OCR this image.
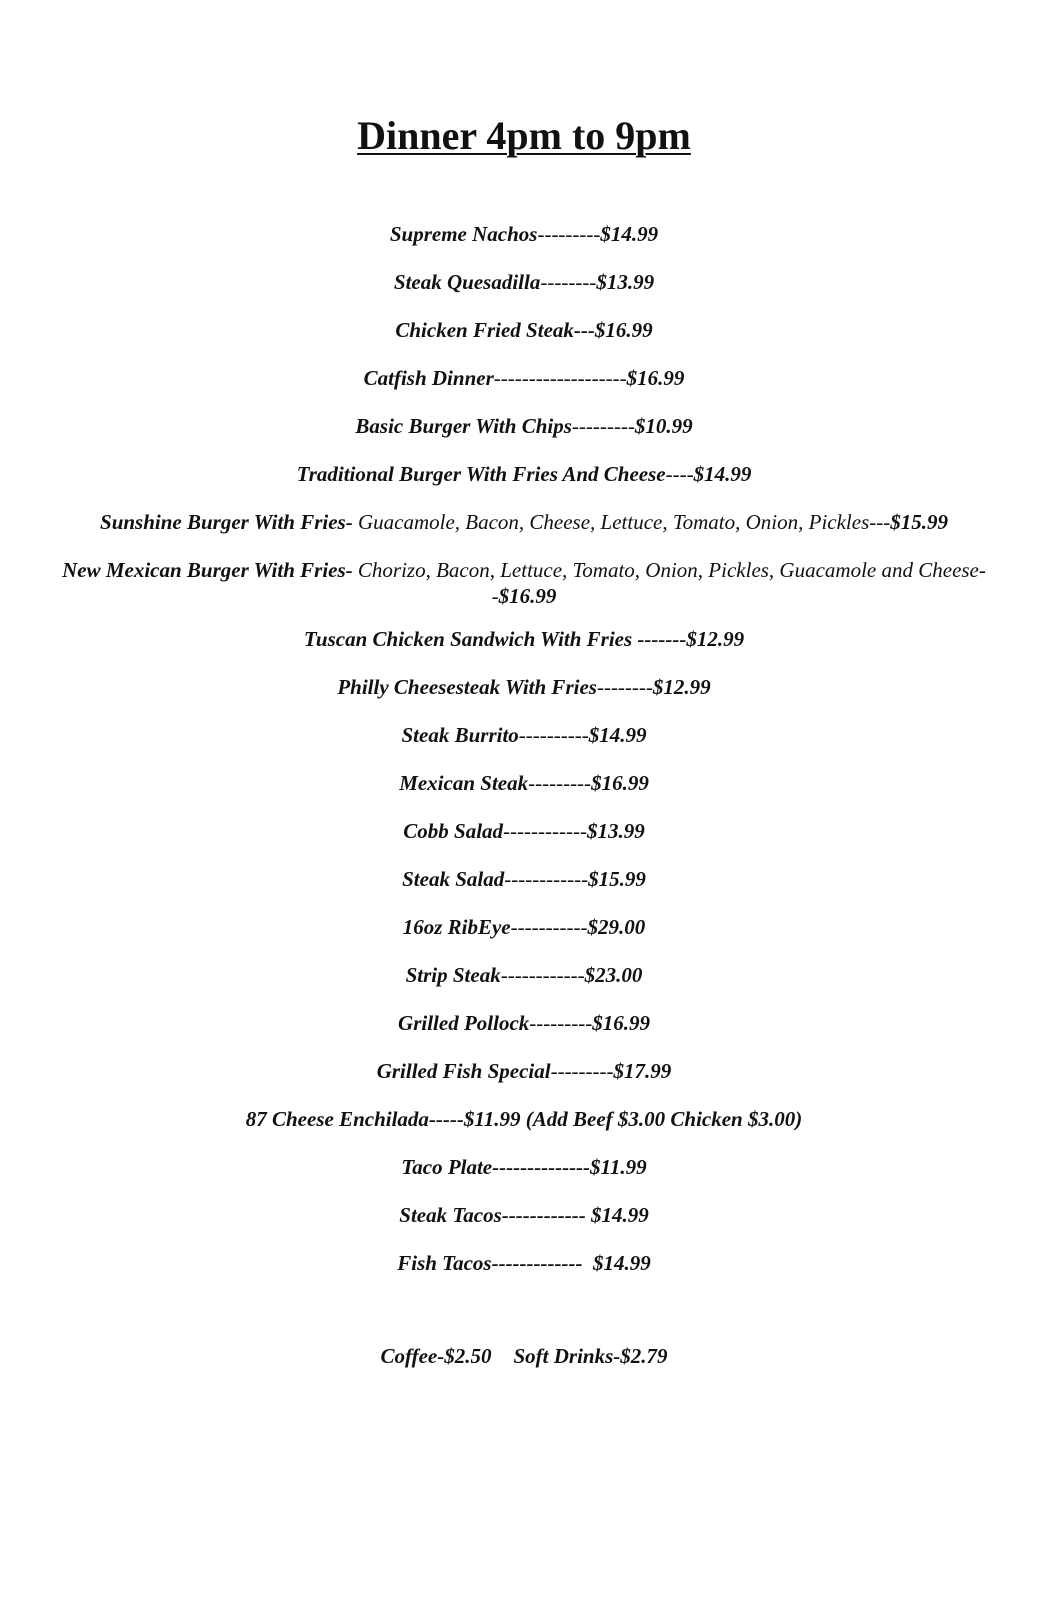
Dinner 4pm to 9pm
Supreme Nachos---------$14.99
Steak Quesadilla--------$13.99
Chicken Fried Steak---$16.99
Catfish Dinner-------------------$16.99
Basic Burger With Chips---------$10.99
Traditional Burger With Fries And Cheese----$14.99
Sunshine Burger With Fries- Guacamole, Bacon, Cheese, Lettuce, Tomato, Onion, Pickles---$15.99
New Mexican Burger With Fries- Chorizo, Bacon, Lettuce, Tomato, Onion, Pickles, Guacamole and Cheese--$16.99
Tuscan Chicken Sandwich With Fries -------$12.99
Philly Cheesesteak With Fries--------$12.99
Steak Burrito----------$14.99
Mexican Steak---------$16.99
Cobb Salad------------$13.99
Steak Salad------------$15.99
16oz RibEye-----------$29.00
Strip Steak------------$23.00
Grilled Pollock---------$16.99
Grilled Fish Special---------$17.99
87 Cheese Enchilada-----$11.99 (Add Beef $3.00 Chicken $3.00)
Taco Plate--------------$11.99
Steak Tacos------------ $14.99
Fish Tacos-------------  $14.99
Coffee-$2.50 Soft Drinks-$2.79
